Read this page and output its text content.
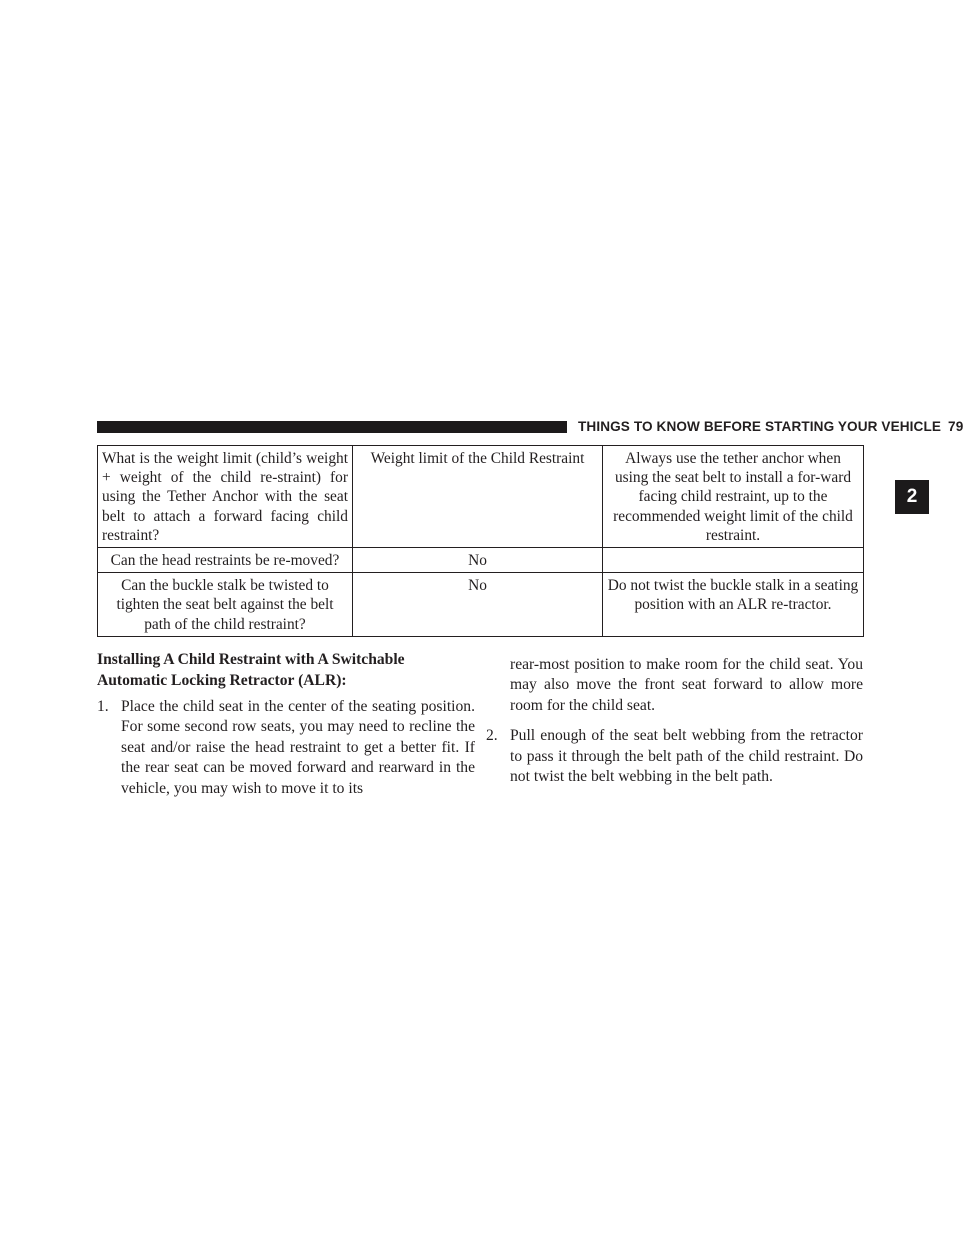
THINGS TO KNOW BEFORE STARTING YOUR VEHICLE 79
2
What is the weight limit (child’s weight + weight of the child re-straint) for using the Tether Anchor with the seat belt to attach a forward facing child restraint?	Weight limit of the Child Restraint	Always use the tether anchor when using the seat belt to install a for-ward facing child restraint, up to the recommended weight limit of the child restraint.
Can the head restraints be re-moved?	No	
Can the buckle stalk be twisted to tighten the seat belt against the belt path of the child restraint?	No	Do not twist the buckle stalk in a seating position with an ALR re-tractor.
Installing A Child Restraint with A Switchable Automatic Locking Retractor (ALR):
1. Place the child seat in the center of the seating position. For some second row seats, you may need to recline the seat and/or raise the head restraint to get a better fit. If the rear seat can be moved forward and rearward in the vehicle, you may wish to move it to its
rear-most position to make room for the child seat. You may also move the front seat forward to allow more room for the child seat.
2. Pull enough of the seat belt webbing from the retractor to pass it through the belt path of the child restraint. Do not twist the belt webbing in the belt path.
